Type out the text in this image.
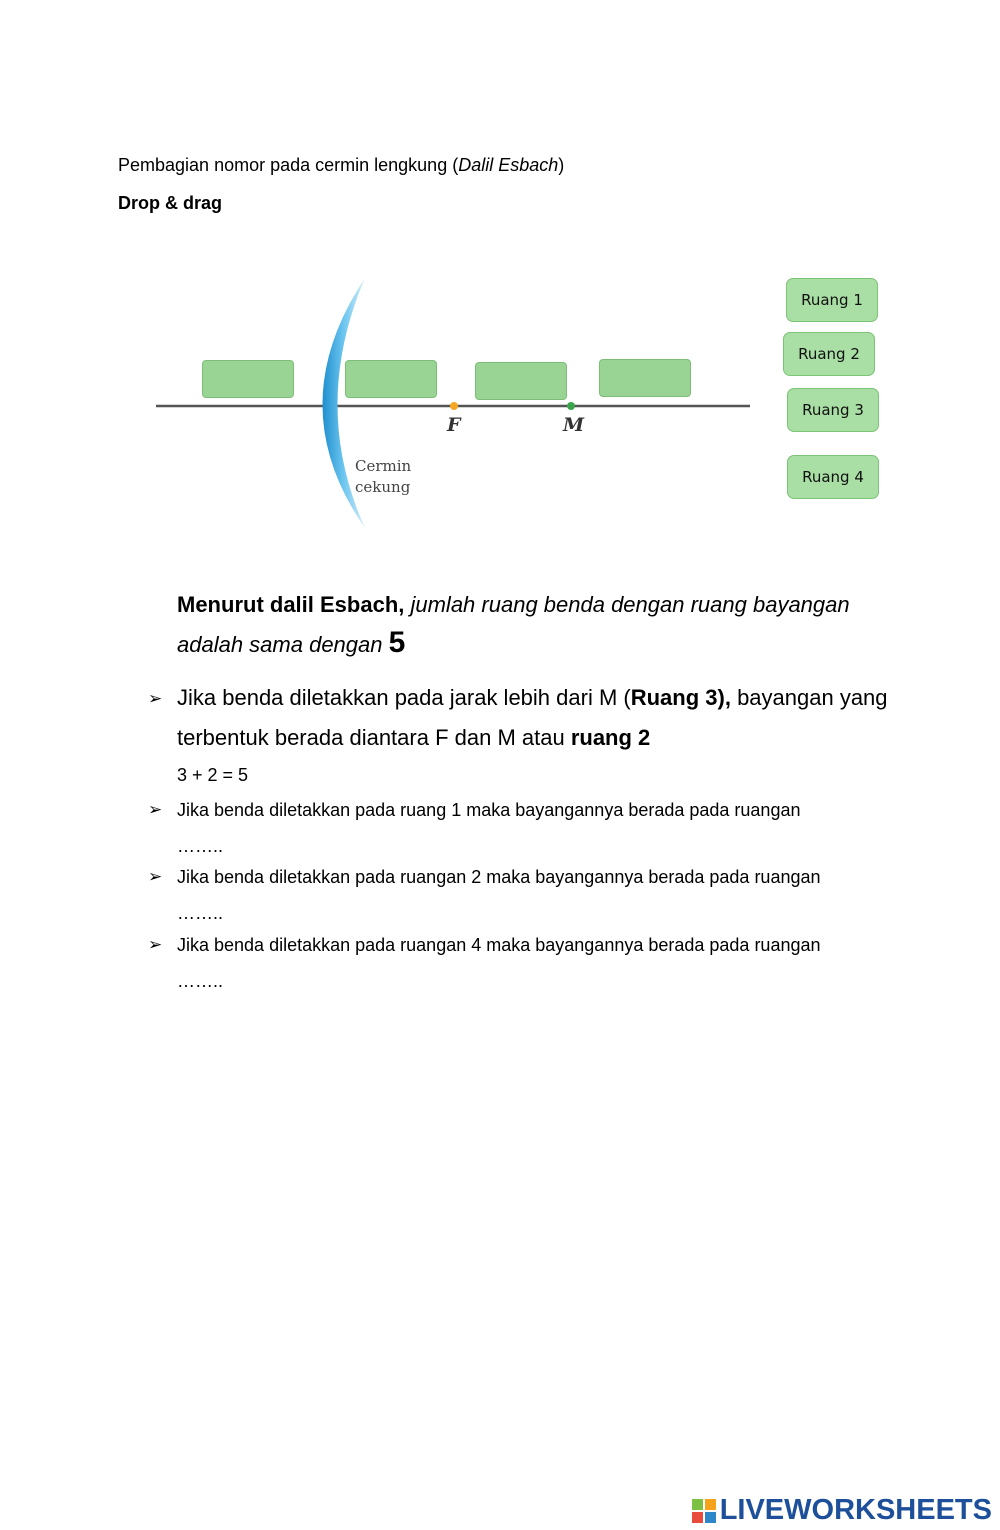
Pembagian nomor pada cermin lengkung (Dalil Esbach)
Drop & drag
F	M
Cermin
cekung
Ruang 1
Ruang 2
Ruang 3
Ruang 4
Menurut dalil Esbach, jumlah ruang benda dengan ruang bayangan adalah sama dengan 5
➢ Jika benda diletakkan pada jarak lebih dari M (Ruang 3), bayangan yang terbentuk berada diantara F dan M atau ruang 2
3 + 2 = 5
➢ Jika benda diletakkan pada ruang 1 maka bayangannya berada pada ruangan
……..
➢ Jika benda diletakkan pada ruangan 2 maka bayangannya berada pada ruangan
……..
➢ Jika benda diletakkan pada ruangan 4 maka bayangannya berada pada ruangan
……..
LIVEWORKSHEETS
